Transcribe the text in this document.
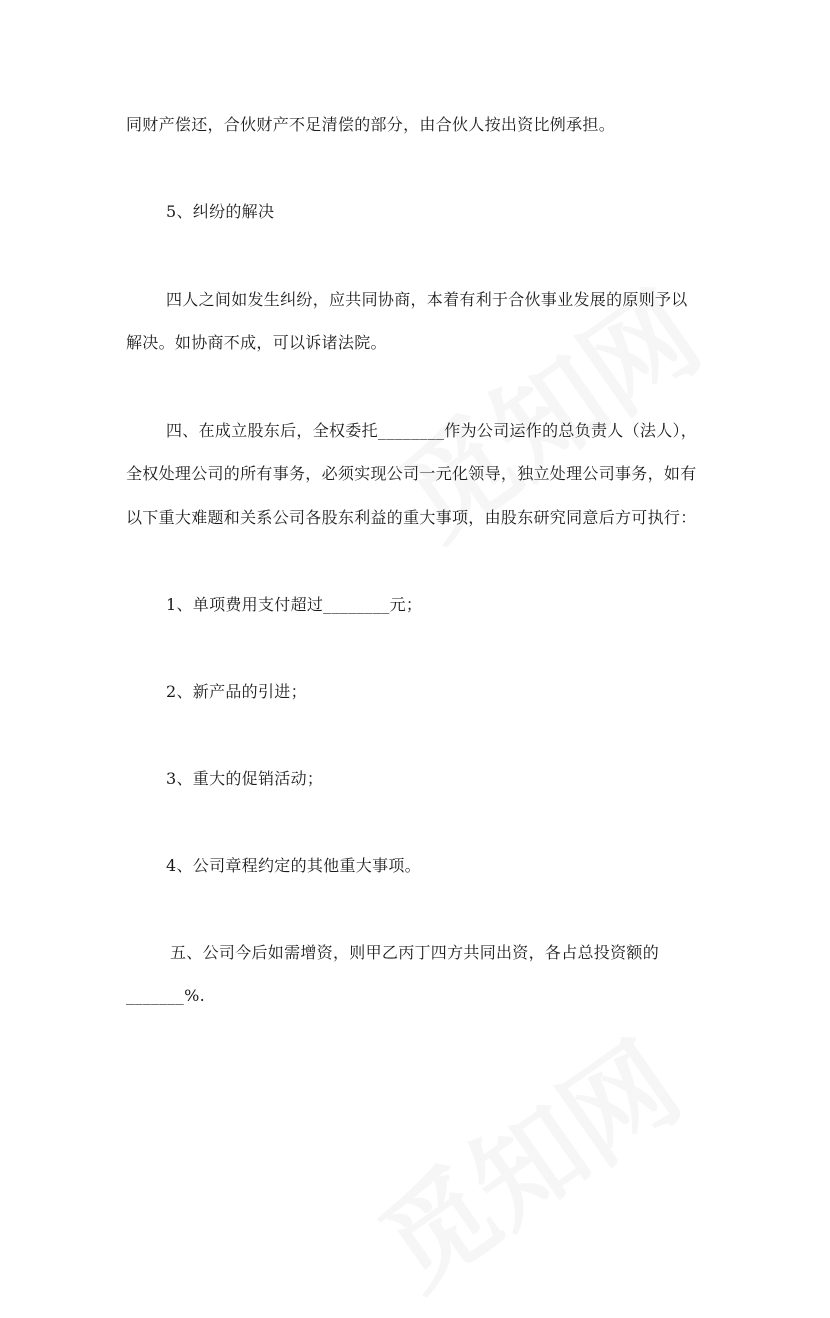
同财产偿还，合伙财产不足清偿的部分，由合伙人按出资比例承担。
5、纠纷的解决
四人之间如发生纠纷，应共同协商，本着有利于合伙事业发展的原则予以
解决。如协商不成，可以诉诸法院。
四、在成立股东后，全权委托________作为公司运作的总负责人（法人），
全权处理公司的所有事务，必须实现公司一元化领导，独立处理公司事务，如有
以下重大难题和关系公司各股东利益的重大事项，由股东研究同意后方可执行：
1、单项费用支付超过________元；
2、新产品的引进；
3、重大的促销活动；
4、公司章程约定的其他重大事项。
五、公司今后如需增资，则甲乙丙丁四方共同出资，各占总投资额的
_______%.
